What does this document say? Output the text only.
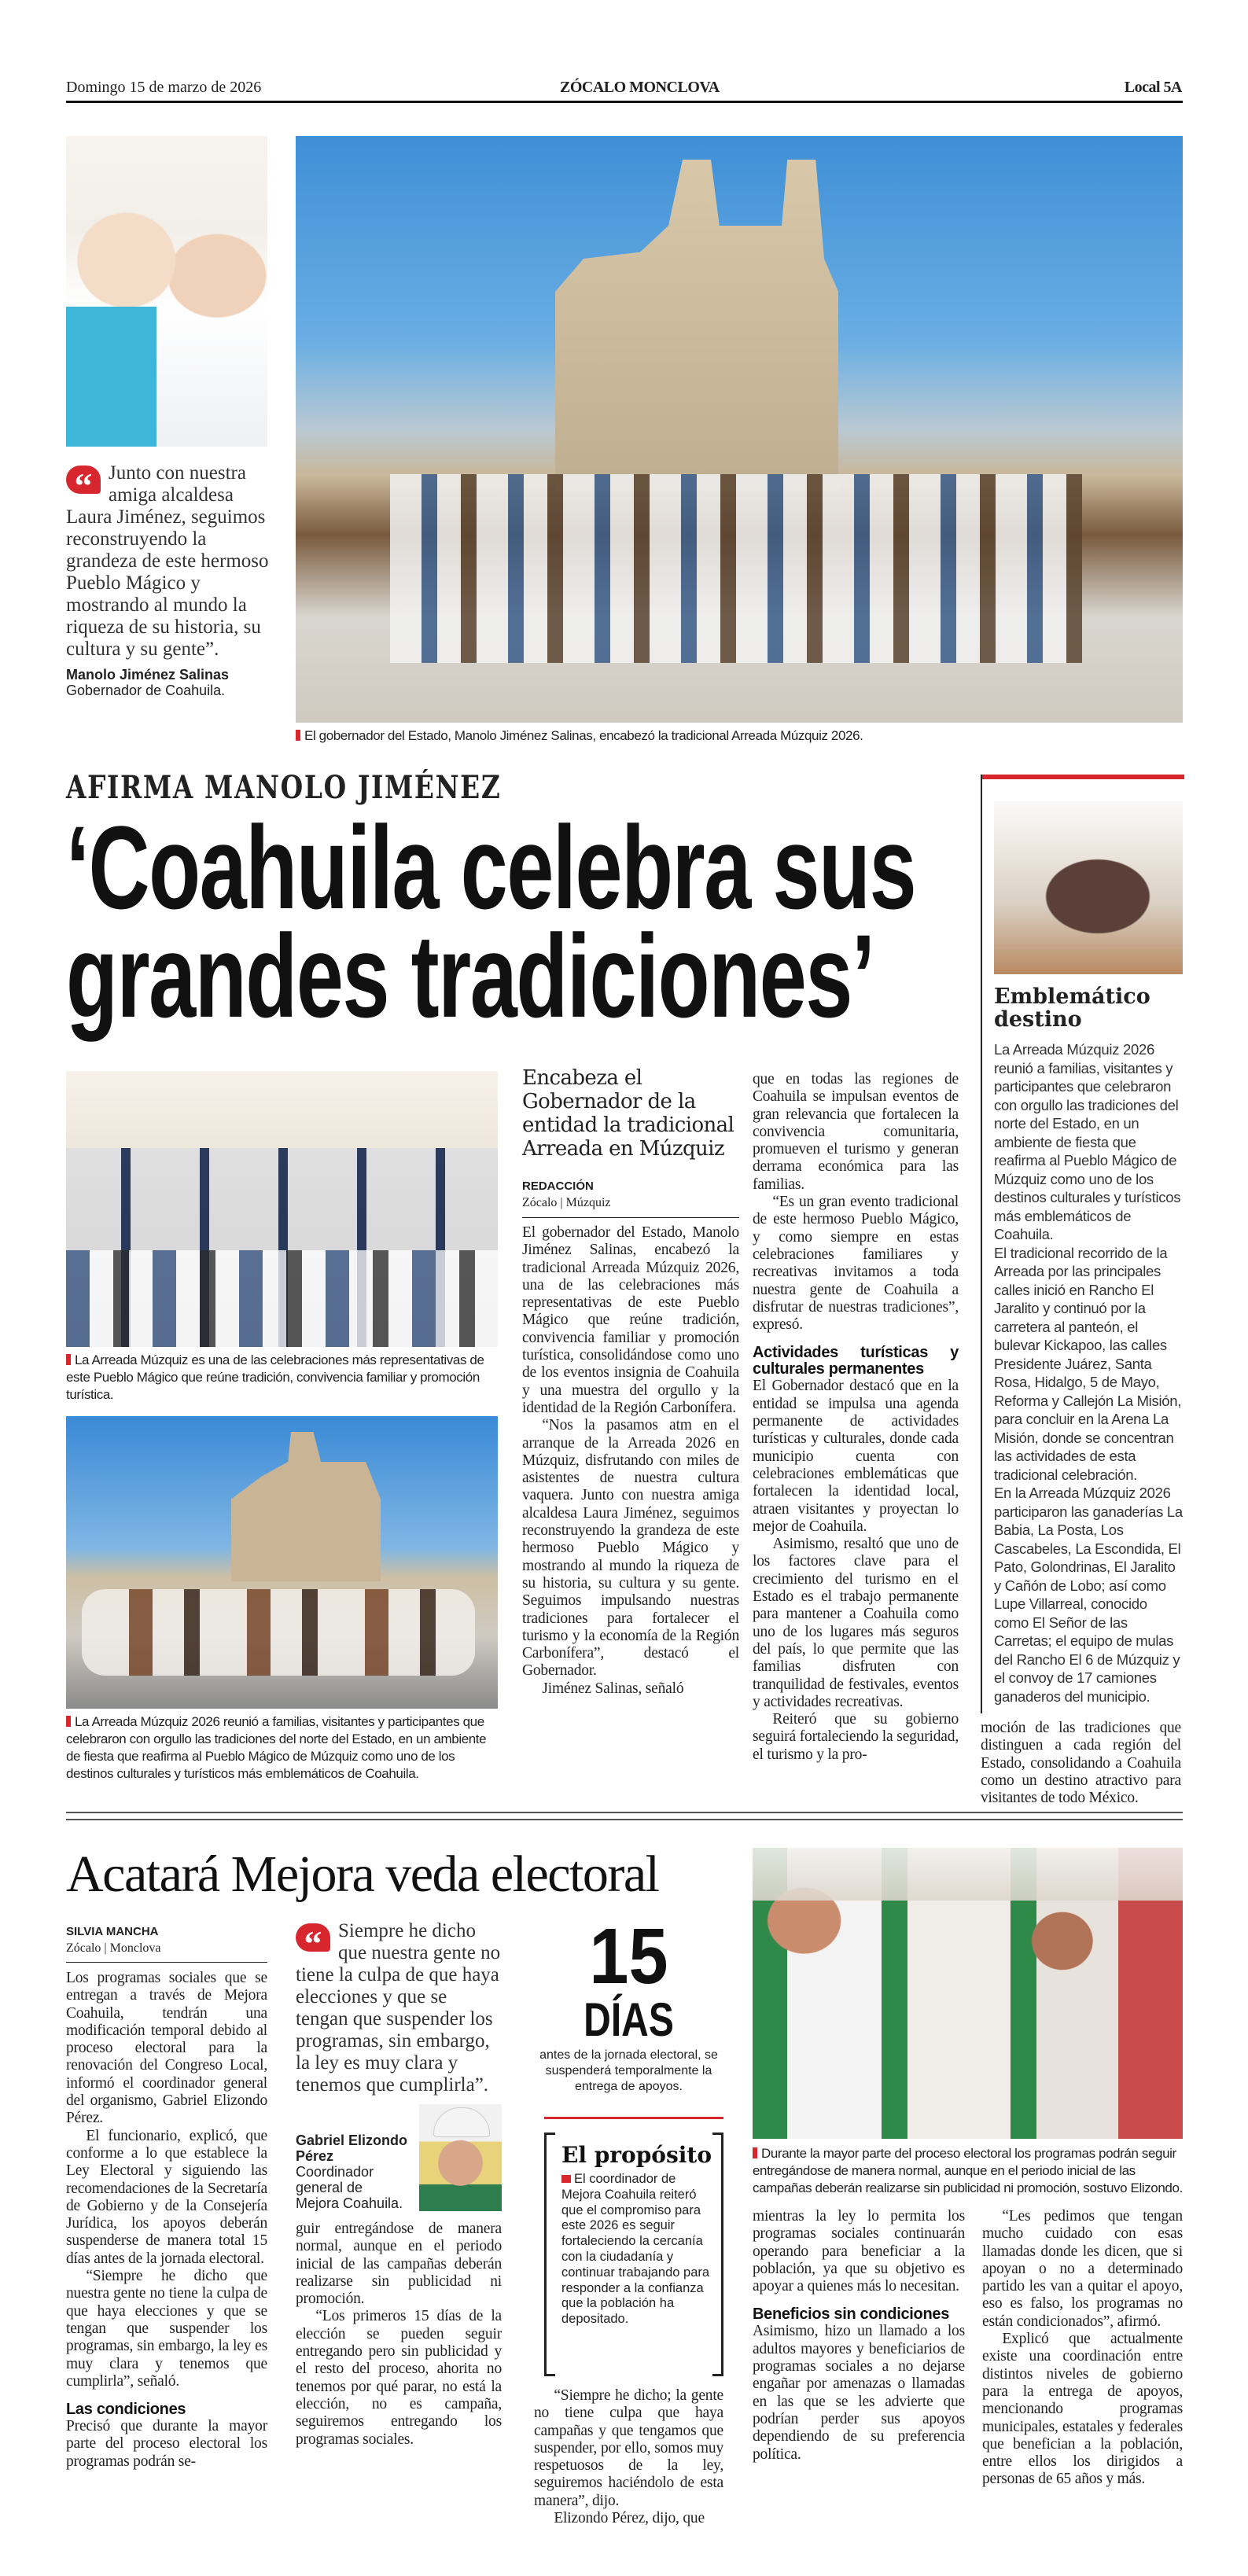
Domingo 15 de marzo de 2026	ZÓCALO MONCLOVA	Local 5A
“ Junto con nuestra amiga alcaldesa Laura Jiménez, seguimos reconstruyendo la grandeza de este hermoso Pueblo Mágico y mostrando al mundo la riqueza de su historia, su cultura y su gente”.
Manolo Jiménez Salinas
Gobernador de Coahuila.
El gobernador del Estado, Manolo Jiménez Salinas, encabezó la tradicional Arreada Múzquiz 2026.
AFIRMA MANOLO JIMÉNEZ
‘Coahuila celebra sus
grandes tradiciones’	Emblemático destino

La Arreada Múzquiz 2026 reunió a familias, visitantes y participantes que celebraron con orgullo las tradiciones del norte del Estado, en un ambiente de fiesta que reafirma al Pueblo Mágico de Múzquiz como uno de los destinos culturales y turísticos más emblemáticos de Coahuila.

El tradicional recorrido de la Arreada por las principales calles inició en Rancho El Jaralito y continuó por la carretera al panteón, el bulevar Kickapoo, las calles Presidente Juárez, Santa Rosa, Hidalgo, 5 de Mayo, Reforma y Callejón La Misión, para concluir en la Arena La Misión, donde se concentran las actividades de esta tradicional celebración.

En la Arreada Múzquiz 2026 participaron las ganaderías La Babia, La Posta, Los Cascabeles, La Escondida, El Pato, Golondrinas, El Jaralito y Cañón de Lobo; así como Lupe Villarreal, conocido como El Señor de las Carretas; el equipo de mulas del Rancho El 6 de Múzquiz y el convoy de 17 camiones ganaderos del municipio.

moción de las tradiciones que distinguen a cada región del Estado, consolidando a Coahuila como un destino atractivo para visitantes de todo México.

La Arreada Múzquiz es una de las celebraciones más representativas de este Pueblo Mágico que reúne tradición, convivencia familiar y promoción turística.
La Arreada Múzquiz 2026 reunió a familias, visitantes y participantes que celebraron con orgullo las tradiciones del norte del Estado, en un ambiente de fiesta que reafirma al Pueblo Mágico de Múzquiz como uno de los destinos culturales y turísticos más emblemáticos de Coahuila.
Encabeza el Gobernador de la entidad la tradicional Arreada en Múzquiz
REDACCIÓN
Zócalo | Múzquiz

El gobernador del Estado, Manolo Jiménez Salinas, encabezó la tradicional Arreada Múzquiz 2026, una de las celebraciones más representativas de este Pueblo Mágico que reúne tradición, convivencia familiar y promoción turística, consolidándose como uno de los eventos insignia de Coahuila y una muestra del orgullo y la identidad de la Región Carbonífera.

“Nos la pasamos atm en el arranque de la Arreada 2026 en Múzquiz, disfrutando con miles de asistentes de nuestra cultura vaquera. Junto con nuestra amiga alcaldesa Laura Jiménez, seguimos reconstruyendo la grandeza de este hermoso Pueblo Mágico y mostrando al mundo la riqueza de su historia, su cultura y su gente. Seguimos impulsando nuestras tradiciones para fortalecer el turismo y la economía de la Región Carbonífera”, destacó el Gobernador.

Jiménez Salinas, señaló

que en todas las regiones de Coahuila se impulsan eventos de gran relevancia que fortalecen la convivencia comunitaria, promueven el turismo y generan derrama económica para las familias.

“Es un gran evento tradicional de este hermoso Pueblo Mágico, y como siempre en estas celebraciones familiares y recreativas invitamos a toda nuestra gente de Coahuila a disfrutar de nuestras tradiciones”, expresó.

Actividades turísticas y culturales permanentes

El Gobernador destacó que en la entidad se impulsa una agenda permanente de actividades turísticas y culturales, donde cada municipio cuenta con celebraciones emblemáticas que fortalecen la identidad local, atraen visitantes y proyectan lo mejor de Coahuila.

Asimismo, resaltó que uno de los factores clave para el crecimiento del turismo en el Estado es el trabajo permanente para mantener a Coahuila como uno de los lugares más seguros del país, lo que permite que las familias disfruten con tranquilidad de festivales, eventos y actividades recreativas.

Reiteró que su gobierno seguirá fortaleciendo la seguridad, el turismo y la pro-

Acatará Mejora veda electoral
SILVIA MANCHA
Zócalo | Monclova

Los programas sociales que se entregan a través de Mejora Coahuila, tendrán una modificación temporal debido al proceso electoral para la renovación del Congreso Local, informó el coordinador general del organismo, Gabriel Elizondo Pérez.

El funcionario, explicó, que conforme a lo que establece la Ley Electoral y siguiendo las recomendaciones de la Secretaría de Gobierno y de la Consejería Jurídica, los apoyos deberán suspenderse de manera total 15 días antes de la jornada electoral.

“Siempre he dicho que nuestra gente no tiene la culpa de que haya elecciones y que se tengan que suspender los programas, sin embargo, la ley es muy clara y tenemos que cumplirla”, señaló.

Las condiciones

Precisó que durante la mayor parte del proceso electoral los programas podrán se-

“ Siempre he dicho que nuestra gente no tiene la culpa de que haya elecciones y que se tengan que suspender los programas, sin embargo, la ley es muy clara y tenemos que cumplirla”.
Gabriel Elizondo Pérez
Coordinador general de Mejora Coahuila.

guir entregándose de manera normal, aunque en el periodo inicial de las campañas deberán realizarse sin publicidad ni promoción.

“Los primeros 15 días de la elección se pueden seguir entregando pero sin publicidad y el resto del proceso, ahorita no tenemos por qué parar, no está la elección, no es campaña, seguiremos entregando los programas sociales.

15
DÍAS
antes de la jornada electoral, se suspenderá temporalmente la entrega de apoyos.
El propósito
El coordinador de Mejora Coahuila reiteró que el compromiso para este 2026 es seguir fortaleciendo la cercanía con la ciudadanía y continuar trabajando para responder a la confianza que la población ha depositado.

“Siempre he dicho; la gente no tiene culpa que haya campañas y que tengamos que suspender, por ello, somos muy respetuosos de la ley, seguiremos haciéndolo de esta manera”, dijo.

Elizondo Pérez, dijo, que

Durante la mayor parte del proceso electoral los programas podrán seguir entregándose de manera normal, aunque en el periodo inicial de las campañas deberán realizarse sin publicidad ni promoción, sostuvo Elizondo.

mientras la ley lo permita los programas sociales continuarán operando para beneficiar a la población, ya que su objetivo es apoyar a quienes más lo necesitan.

Beneficios sin condiciones

Asimismo, hizo un llamado a los adultos mayores y beneficiarios de programas sociales a no dejarse engañar por amenazas o llamadas en las que se les advierte que podrían perder sus apoyos dependiendo de su preferencia política.

“Les pedimos que tengan mucho cuidado con esas llamadas donde les dicen, que si apoyan o no a determinado partido les van a quitar el apoyo, eso es falso, los programas no están condicionados”, afirmó.

Explicó que actualmente existe una coordinación entre distintos niveles de gobierno para la entrega de apoyos, mencionando programas municipales, estatales y federales que benefician a la población, entre ellos los dirigidos a personas de 65 años y más.
